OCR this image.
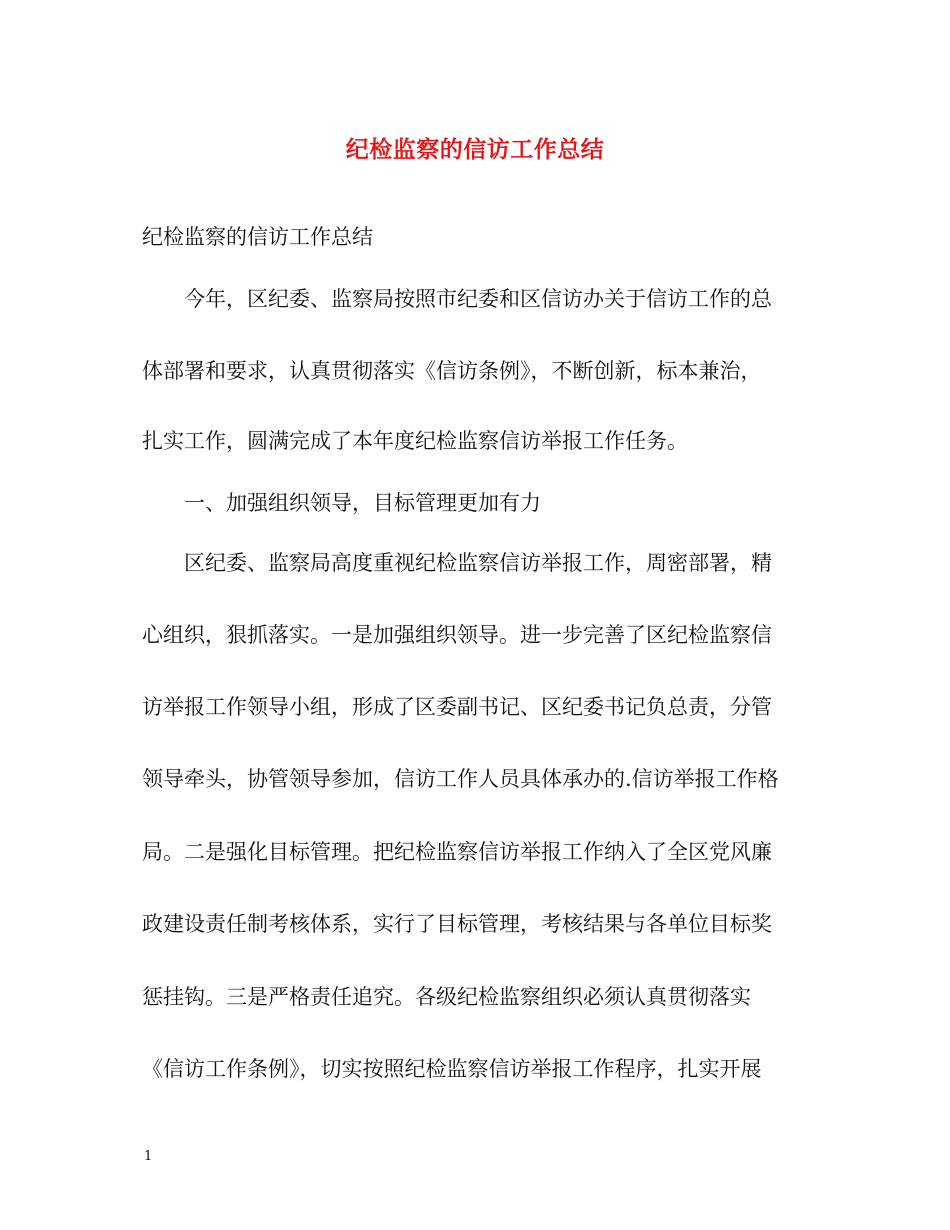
纪检监察的信访工作总结
纪检监察的信访工作总结
　　今年，区纪委、监察局按照市纪委和区信访办关于信访工作的总
体部署和要求，认真贯彻落实《信访条例》，不断创新，标本兼治，
扎实工作，圆满完成了本年度纪检监察信访举报工作任务。
　　一、加强组织领导，目标管理更加有力
　　区纪委、监察局高度重视纪检监察信访举报工作，周密部署，精
心组织，狠抓落实。一是加强组织领导。进一步完善了区纪检监察信
访举报工作领导小组，形成了区委副书记、区纪委书记负总责，分管
领导牵头，协管领导参加，信访工作人员具体承办的.信访举报工作格
局。二是强化目标管理。把纪检监察信访举报工作纳入了全区党风廉
政建设责任制考核体系，实行了目标管理，考核结果与各单位目标奖
惩挂钩。三是严格责任追究。各级纪检监察组织必须认真贯彻落实
《信访工作条例》，切实按照纪检监察信访举报工作程序，扎实开展
1
